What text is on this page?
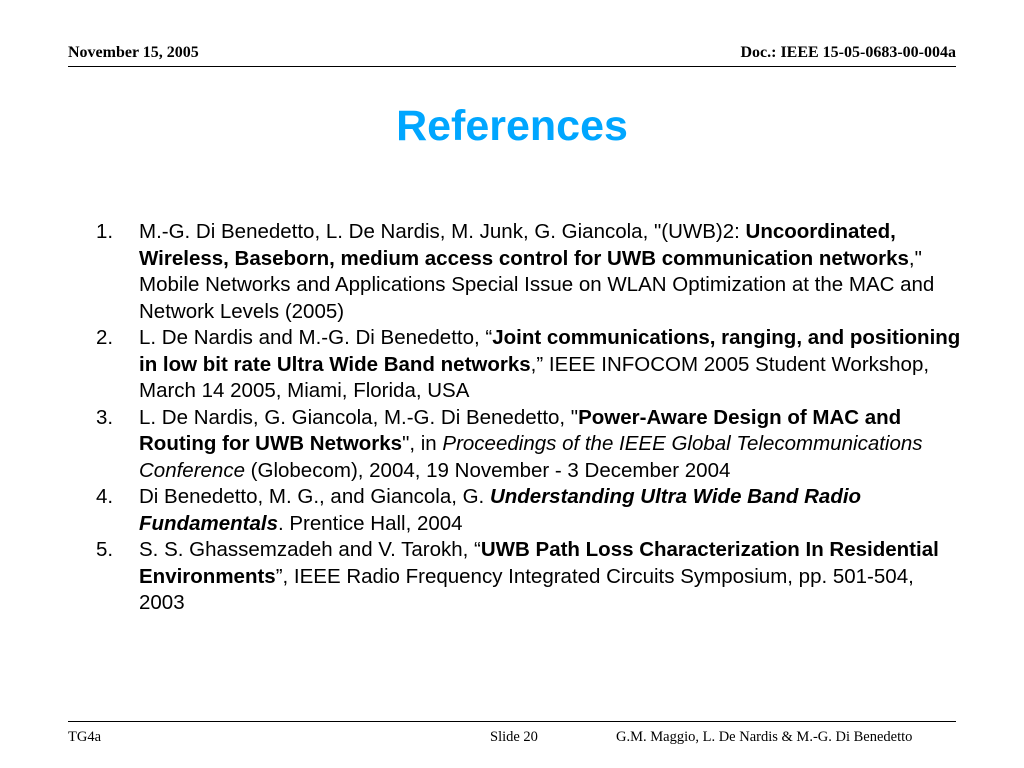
November 15, 2005	Doc.: IEEE 15-05-0683-00-004a
References
1. M.-G. Di Benedetto, L. De Nardis, M. Junk, G. Giancola, "(UWB)2: Uncoordinated, Wireless, Baseborn, medium access control for UWB communication networks," Mobile Networks and Applications Special Issue on WLAN Optimization at the MAC and Network Levels (2005)
2. L. De Nardis and M.-G. Di Benedetto, “Joint communications, ranging, and positioning in low bit rate Ultra Wide Band networks,” IEEE INFOCOM 2005 Student Workshop, March 14 2005, Miami, Florida, USA
3. L. De Nardis, G. Giancola, M.-G. Di Benedetto, "Power-Aware Design of MAC and Routing for UWB Networks", in Proceedings of the IEEE Global Telecommunications Conference (Globecom), 2004, 19 November - 3 December 2004
4. Di Benedetto, M. G., and Giancola, G. Understanding Ultra Wide Band Radio Fundamentals. Prentice Hall, 2004
5. S. S. Ghassemzadeh and V. Tarokh, “UWB Path Loss Characterization In Residential Environments”, IEEE Radio Frequency Integrated Circuits Symposium, pp. 501-504, 2003
TG4a	Slide 20	G.M. Maggio, L. De Nardis & M.-G. Di Benedetto
